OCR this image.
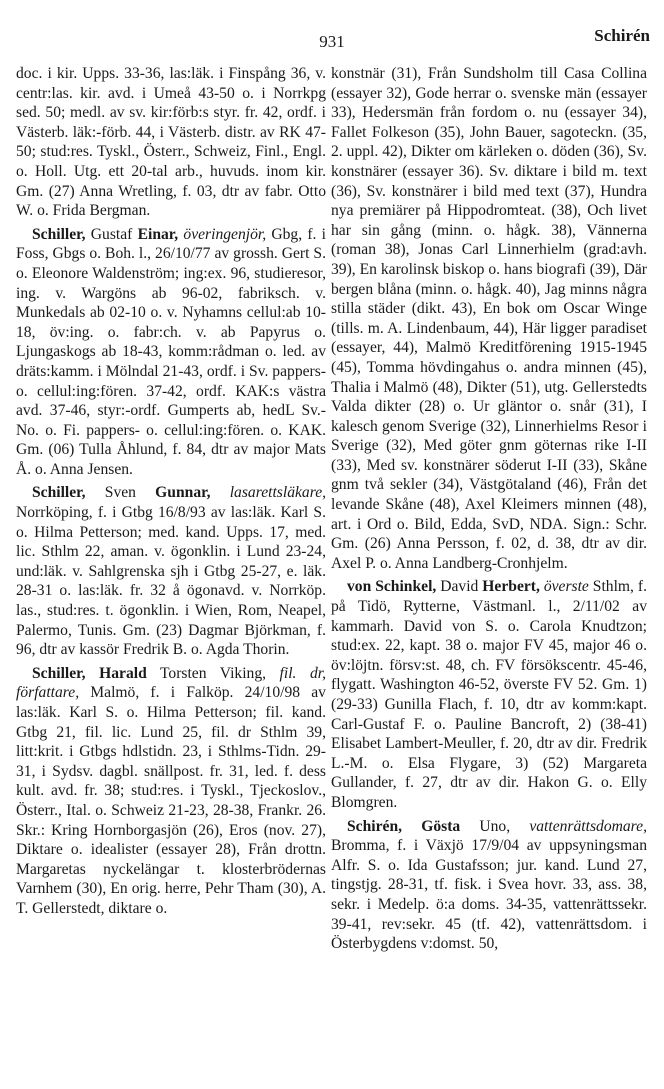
931	Schirén

doc. i kir. Upps. 33-36, las:läk. i Finspång 36, v. centr:las. kir. avd. i Umeå 43-50 o. i Norrkpg sed. 50; medl. av sv. kir:förb:s styr. fr. 42, ordf. i Västerb. läk:-förb. 44, i Västerb. distr. av RK 47-50; stud:res. Tyskl., Österr., Schweiz, Finl., Engl. o. Holl. Utg. ett 20-tal arb., huvuds. inom kir. Gm. (27) Anna Wretling, f. 03, dtr av fabr. Otto W. o. Frida Bergman.

Schiller, Gustaf Einar, överingenjör, Gbg, f. i Foss, Gbgs o. Boh. l., 26/10/77 av grossh. Gert S. o. Eleonore Waldenström; ing:ex. 96, studieresor, ing. v. Wargöns ab 96-02, fabriksch. v. Munkedals ab 02-10 o. v. Nyhamns cellul:ab 10-18, öv:ing. o. fabr:ch. v. ab Papyrus o. Ljungaskogs ab 18-43, komm:rådman o. led. av dräts:kamm. i Mölndal 21-43, ordf. i Sv. pappers- o. cellul:ing:fören. 37-42, ordf. KAK:s västra avd. 37-46, styr:-ordf. Gumperts ab, hedL Sv.-No. o. Fi. pappers- o. cellul:ing:fören. o. KAK. Gm. (06) Tulla Åhlund, f. 84, dtr av major Mats Å. o. Anna Jensen.

Schiller, Sven Gunnar, lasarettsläkare, Norrköping, f. i Gtbg 16/8/93 av las:läk. Karl S. o. Hilma Petterson; med. kand. Upps. 17, med. lic. Sthlm 22, aman. v. ögonklin. i Lund 23-24, und:läk. v. Sahlgrenska sjh i Gtbg 25-27, e. läk. 28-31 o. las:läk. fr. 32 å ögonavd. v. Norrköp. las., stud:res. t. ögonklin. i Wien, Rom, Neapel, Palermo, Tunis. Gm. (23) Dagmar Björkman, f. 96, dtr av kassör Fredrik B. o. Agda Thorin.

Schiller, Harald Torsten Viking, fil. dr, författare, Malmö, f. i Falköp. 24/10/98 av las:läk. Karl S. o. Hilma Petterson; fil. kand. Gtbg 21, fil. lic. Lund 25, fil. dr Sthlm 39, litt:krit. i Gtbgs hdlstidn. 23, i Sthlms-Tidn. 29-31, i Sydsv. dagbl. snällpost. fr. 31, led. f. dess kult. avd. fr. 38; stud:res. i Tyskl., Tjeckoslov., Österr., Ital. o. Schweiz 21-23, 28-38, Frankr. 26. Skr.: Kring Hornborgasjön (26), Eros (nov. 27), Diktare o. idealister (essayer 28), Från drottn. Margaretas nyckelängar t. klosterbrödernas Varnhem (30), En orig. herre, Pehr Tham (30), A. T. Gellerstedt, diktare o.

konstnär (31), Från Sundsholm till Casa Collina (essayer 32), Gode herrar o. svenske män (essayer 33), Hedersmän från fordom o. nu (essayer 34), Fallet Folkeson (35), John Bauer, sagoteckn. (35, 2. uppl. 42), Dikter om kärleken o. döden (36), Sv. konstnärer (essayer 36). Sv. diktare i bild m. text (36), Sv. konstnärer i bild med text (37), Hundra nya premiärer på Hippodromteat. (38), Och livet har sin gång (minn. o. hågk. 38), Vännerna (roman 38), Jonas Carl Linnerhielm (grad:avh. 39), En karolinsk biskop o. hans biografi (39), Där bergen blåna (minn. o. hågk. 40), Jag minns några stilla städer (dikt. 43), En bok om Oscar Winge (tills. m. A. Lindenbaum, 44), Här ligger paradiset (essayer, 44), Malmö Kreditförening 1915-1945 (45), Tomma hövdingahus o. andra minnen (45), Thalia i Malmö (48), Dikter (51), utg. Gellerstedts Valda dikter (28) o. Ur gläntor o. snår (31), I kalesch genom Sverige (32), Linnerhielms Resor i Sverige (32), Med göter gnm göternas rike I-II (33), Med sv. konstnärer söderut I-II (33), Skåne gnm två sekler (34), Västgötaland (46), Från det levande Skåne (48), Axel Kleimers minnen (48), art. i Ord o. Bild, Edda, SvD, NDA. Sign.: Schr. Gm. (26) Anna Persson, f. 02, d. 38, dtr av dir. Axel P. o. Anna Landberg-Cronhjelm.

von Schinkel, David Herbert, överste Sthlm, f. på Tidö, Rytterne, Västmanl. l., 2/11/02 av kammarh. David von S. o. Carola Knudtzon; stud:ex. 22, kapt. 38 o. major FV 45, major 46 o. öv:löjtn. försv:st. 48, ch. FV försökscentr. 45-46, flygatt. Washington 46-52, överste FV 52. Gm. 1) (29-33) Gunilla Flach, f. 10, dtr av komm:kapt. Carl-Gustaf F. o. Pauline Bancroft, 2) (38-41) Elisabet Lambert-Meuller, f. 20, dtr av dir. Fredrik L.-M. o. Elsa Flygare, 3) (52) Margareta Gullander, f. 27, dtr av dir. Hakon G. o. Elly Blomgren.

Schirén, Gösta Uno, vattenrättsdomare, Bromma, f. i Växjö 17/9/04 av uppsyningsman Alfr. S. o. Ida Gustafsson; jur. kand. Lund 27, tingstjg. 28-31, tf. fisk. i Svea hovr. 33, ass. 38, sekr. i Medelp. ö:a doms. 34-35, vattenrättssekr. 39-41, rev:sekr. 45 (tf. 42), vattenrättsdom. i Österbygdens v:domst. 50,
